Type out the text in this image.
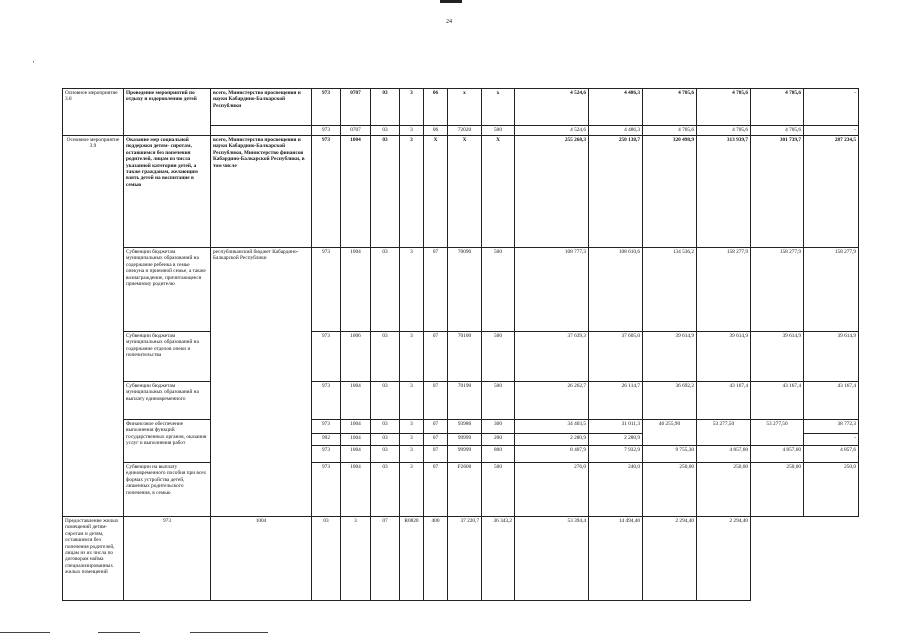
24
'
Основное мероприятие 3.8	Проведение мероприятий по отдыху и оздоровлению детей	всего, Министерство просвещения и науки Кабардино-Балкарской Республики	973	0707	03	3	06	x	x	4 524,6	4 486,3	4 705,6	4 705,6	4 705,6	-
			973	0707	03	3	06	72020	500	4 524,6	4 486,3	4 705,6	4 705,6	4 705,6	-
Основное мероприятие 3.9	Оказание мер социальной поддержки детям- сиротам, оставшимся без попечения родителей, лицам из числа указанной категории детей, а также гражданам, желающим взять детей на воспитание в семью	всего, Министерство просвещения и науки Кабардино-Балкарской Республики, Министерство финансов Кабардино-Балкарской Республики, в том числе	973	1004	03	3	X	X	X	255 268,3	250 138,7	320 498,9	313 939,7	301 739,7	287 234,5
	Субвенции бюджетам муниципальных образований на содержание ребенка в семье опекуна и приемной семье, а также вознаграждение, причитающееся приемному родителю	республиканский бюджет Кабардино-Балкарской Республики	973	1004	03	3	07	70090	500	108 777,3	108 610,6	134 536,2	158 277,9	158 277,9	158 277,9
	Субвенции бюджетам муниципальных образований на содержание отделов опеки и попечительства		973	1006	03	3	07	70100	500	37 639,3	37 605,0	39 614,9	39 614,9	39 614,9	39 614,9
	Субвенции бюджетам муниципальных образований на выплату единовременного		973	1004	03	3	07	70190	500	26 262,7	26 114,7	36 692,2	43 167,4	43 167,4	43 167,4
	Финансовое обеспечение выполнения функций государственных органов, оказания услуг и выполнения работ		973	1004	03	3	07	93986	300	34 403,5	31 011,3	46 255,90	53 277,50	53 277,50	38 772,3
			992	1004	03	3	07	99999	200	2 280,9	2 280,9				-
			973	1004	03	3	07	99999	800	8 407,9	7 932,9	9 755,30	4 857,60	4 857,60	4 857,6
	Субвенции на выплату единовременного пособия при всех формах устройства детей, лишенных родительского попечения, в семью		973	1004	03	3	07	F2600	500	276,0	240,0	250,00	250,00	250,00	250,0
Предоставление жилых помещений детям-сиротам и детям, оставшимся без попечения родителей, лицам из их числа по договорам найма специализированных жилых помещений	973	1004	03	3	07	R0820	400	37 220,7	36 343,2	53 394,4	14 494,40	2 294,40	2 294,40		
